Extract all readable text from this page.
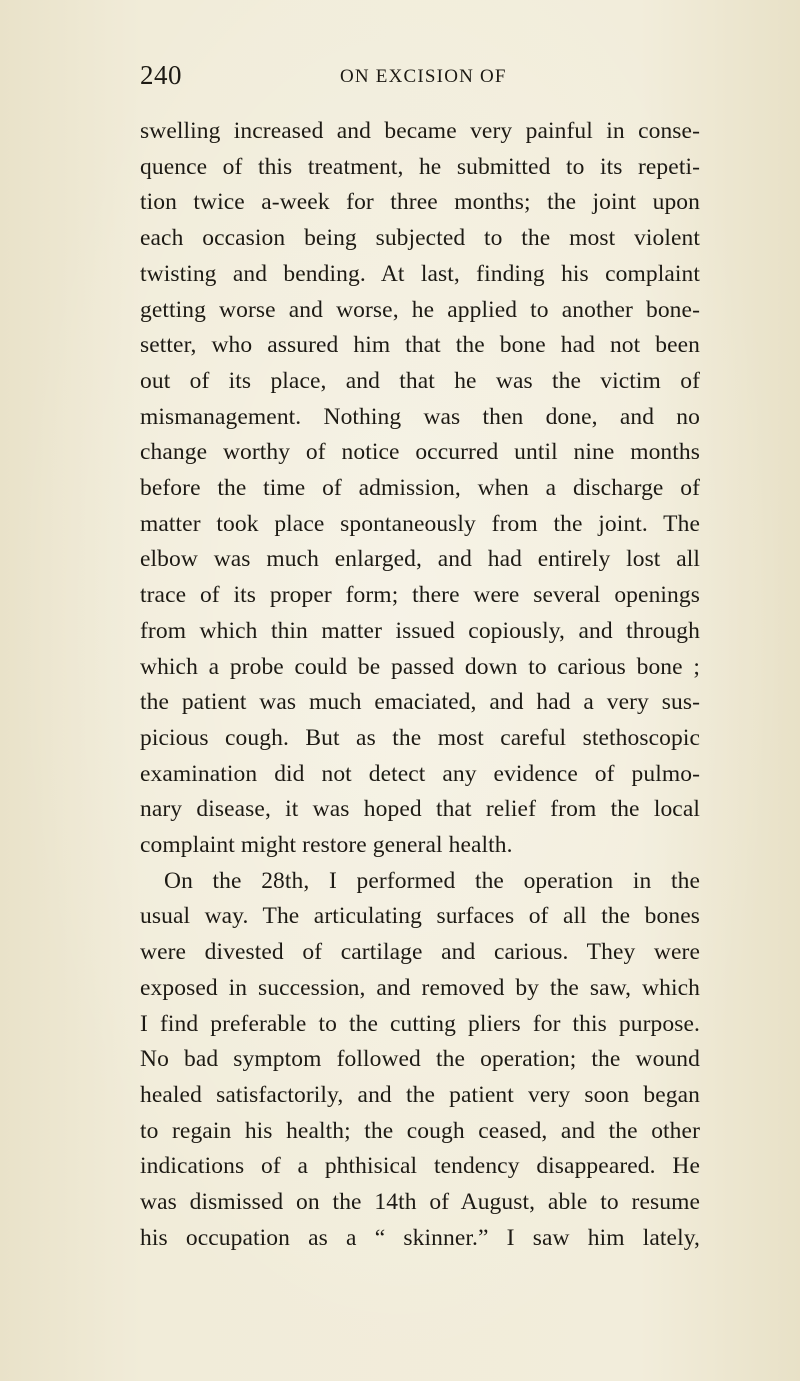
240	ON EXCISION OF

swelling increased and became very painful in conse-
quence of this treatment, he submitted to its repeti-
tion twice a-week for three months; the joint upon
each occasion being subjected to the most violent
twisting and bending. At last, finding his complaint
getting worse and worse, he applied to another bone-
setter, who assured him that the bone had not been
out of its place, and that he was the victim of
mismanagement. Nothing was then done, and no
change worthy of notice occurred until nine months
before the time of admission, when a discharge of
matter took place spontaneously from the joint. The
elbow was much enlarged, and had entirely lost all
trace of its proper form; there were several openings
from which thin matter issued copiously, and through
which a probe could be passed down to carious bone ;
the patient was much emaciated, and had a very sus-
picious cough. But as the most careful stethoscopic
examination did not detect any evidence of pulmo-
nary disease, it was hoped that relief from the local
complaint might restore general health.

On the 28th, I performed the operation in the
usual way. The articulating surfaces of all the bones
were divested of cartilage and carious. They were
exposed in succession, and removed by the saw, which
I find preferable to the cutting pliers for this purpose.
No bad symptom followed the operation; the wound
healed satisfactorily, and the patient very soon began
to regain his health; the cough ceased, and the other
indications of a phthisical tendency disappeared. He
was dismissed on the 14th of August, able to resume
his occupation as a “ skinner.” I saw him lately,
